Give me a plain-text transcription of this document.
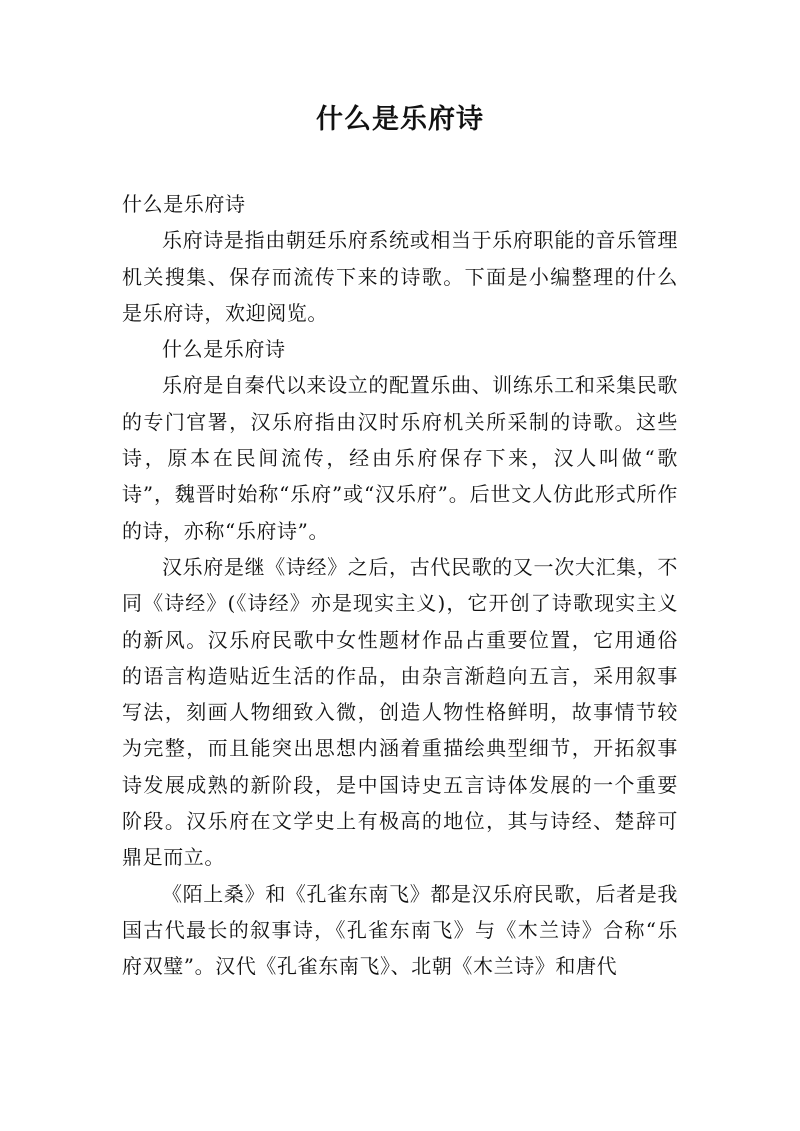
什么是乐府诗

什么是乐府诗

乐府诗是指由朝廷乐府系统或相当于乐府职能的音乐管理机关搜集、保存而流传下来的诗歌。下面是小编整理的什么是乐府诗，欢迎阅览。

什么是乐府诗

乐府是自秦代以来设立的配置乐曲、训练乐工和采集民歌的专门官署，汉乐府指由汉时乐府机关所采制的诗歌。这些诗，原本在民间流传，经由乐府保存下来，汉人叫做“歌诗”，魏晋时始称“乐府”或“汉乐府”。后世文人仿此形式所作的诗，亦称“乐府诗”。

汉乐府是继《诗经》之后，古代民歌的又一次大汇集，不同《诗经》(《诗经》亦是现实主义)，它开创了诗歌现实主义的新风。汉乐府民歌中女性题材作品占重要位置，它用通俗的语言构造贴近生活的作品，由杂言渐趋向五言，采用叙事写法，刻画人物细致入微，创造人物性格鲜明，故事情节较为完整，而且能突出思想内涵着重描绘典型细节，开拓叙事诗发展成熟的新阶段，是中国诗史五言诗体发展的一个重要阶段。汉乐府在文学史上有极高的地位，其与诗经、楚辞可鼎足而立。

《陌上桑》和《孔雀东南飞》都是汉乐府民歌，后者是我国古代最长的叙事诗，《孔雀东南飞》与《木兰诗》合称“乐府双璧”。汉代《孔雀东南飞》、北朝《木兰诗》和唐代
